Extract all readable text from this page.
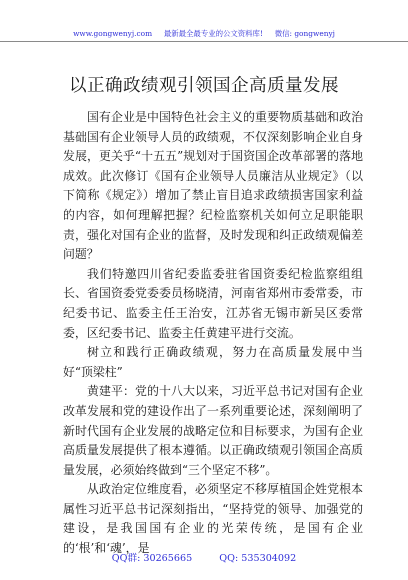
www.gongwenyj.com 最新最全最专业的公文资料库! 微信: gongwenyj
以正确政绩观引领国企高质量发展

国有企业是中国特色社会主义的重要物质基础和政治基础国有企业领导人员的政绩观，不仅深刻影响企业自身发展，更关乎“十五五”规划对于国资国企改革部署的落地成效。此次修订《国有企业领导人员廉洁从业规定》（以下简称《规定》）增加了禁止盲目追求政绩损害国家利益的内容，如何理解把握？纪检监察机关如何立足职能职责，强化对国有企业的监督，及时发现和纠正政绩观偏差问题？

我们特邀四川省纪委监委驻省国资委纪检监察组组长、省国资委党委委员杨晓清，河南省郑州市委常委，市纪委书记、监委主任王治安，江苏省无锡市新吴区委常委，区纪委书记、监委主任黄建平进行交流。

树立和践行正确政绩观，努力在高质量发展中当好“顶梁柱”

黄建平：党的十八大以来，习近平总书记对国有企业改革发展和党的建设作出了一系列重要论述，深刻阐明了新时代国有企业发展的战略定位和目标要求，为国有企业高质量发展提供了根本遵循。以正确政绩观引领国企高质量发展，必须始终做到“三个坚定不移”。

从政治定位维度看，必须坚定不移厚植国企姓党根本属性习近平总书记深刻指出，“坚持党的领导、加强党的建设，是我国国有企业的光荣传统，是国有企业的‘根’和‘魂’，是

QQ群: 30265665	QQ: 535304092
